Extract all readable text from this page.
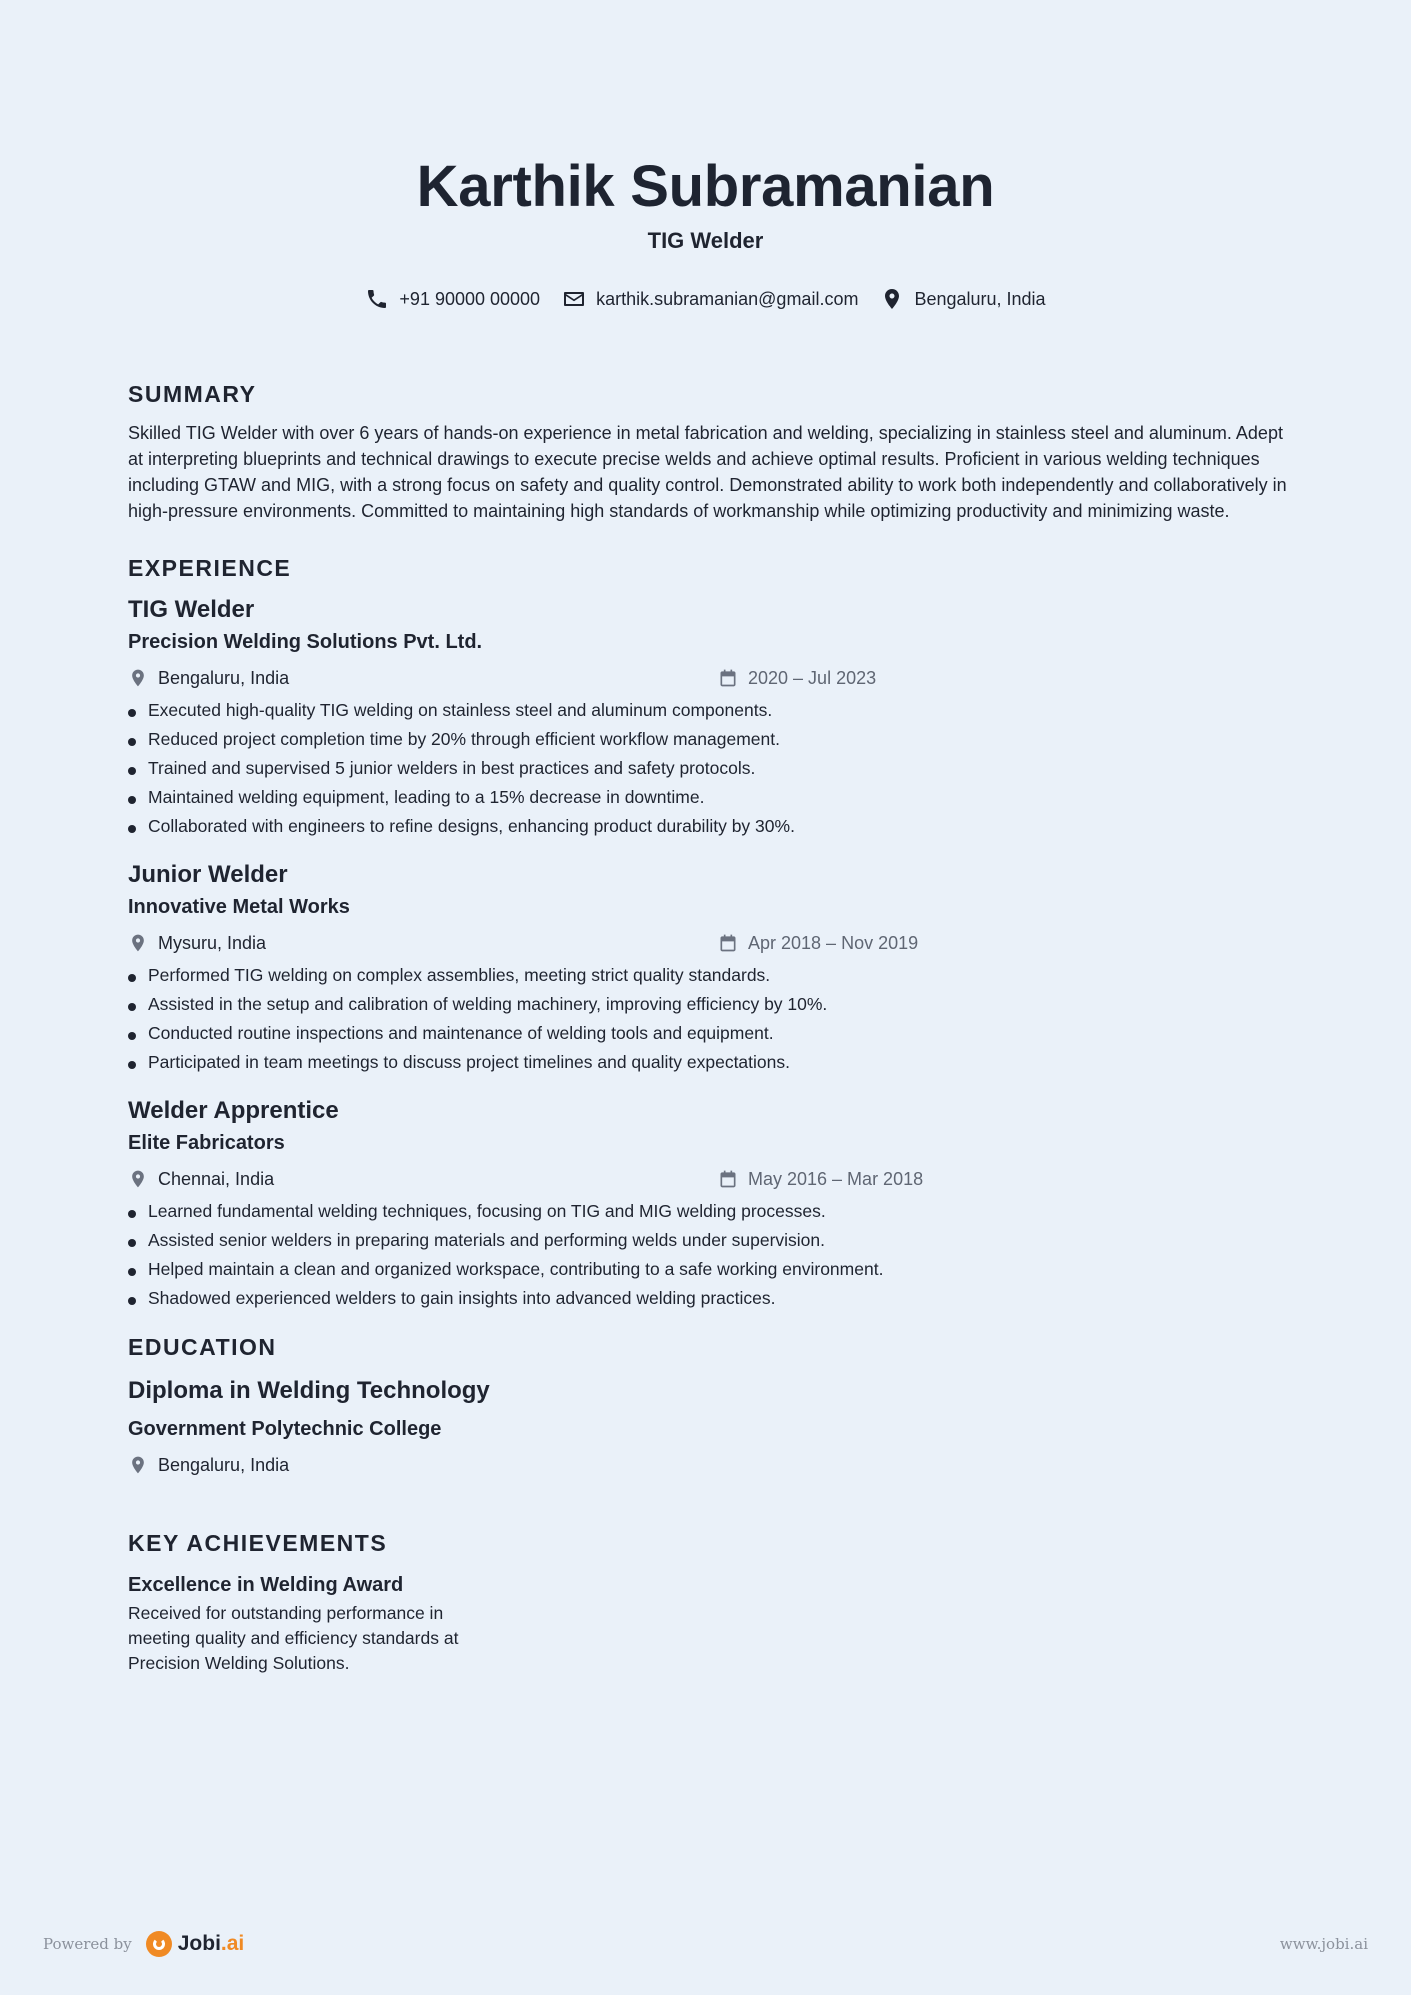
Karthik Subramanian
TIG Welder
+91 90000 00000	karthik.subramanian@gmail.com	Bengaluru, India
SUMMARY

Skilled TIG Welder with over 6 years of hands-on experience in metal fabrication and welding, specializing in stainless steel and aluminum. Adept at interpreting blueprints and technical drawings to execute precise welds and achieve optimal results. Proficient in various welding techniques including GTAW and MIG, with a strong focus on safety and quality control. Demonstrated ability to work both independently and collaboratively in high-pressure environments. Committed to maintaining high standards of workmanship while optimizing productivity and minimizing waste.

EXPERIENCE
TIG Welder
Precision Welding Solutions Pvt. Ltd.
Bengaluru, India	2020 – Jul 2023
Executed high-quality TIG welding on stainless steel and aluminum components.
Reduced project completion time by 20% through efficient workflow management.
Trained and supervised 5 junior welders in best practices and safety protocols.
Maintained welding equipment, leading to a 15% decrease in downtime.
Collaborated with engineers to refine designs, enhancing product durability by 30%.
Junior Welder
Innovative Metal Works
Mysuru, India	Apr 2018 – Nov 2019
Performed TIG welding on complex assemblies, meeting strict quality standards.
Assisted in the setup and calibration of welding machinery, improving efficiency by 10%.
Conducted routine inspections and maintenance of welding tools and equipment.
Participated in team meetings to discuss project timelines and quality expectations.
Welder Apprentice
Elite Fabricators
Chennai, India	May 2016 – Mar 2018
Learned fundamental welding techniques, focusing on TIG and MIG welding processes.
Assisted senior welders in preparing materials and performing welds under supervision.
Helped maintain a clean and organized workspace, contributing to a safe working environment.
Shadowed experienced welders to gain insights into advanced welding practices.
EDUCATION
Diploma in Welding Technology
Government Polytechnic College
Bengaluru, India
KEY ACHIEVEMENTS
Excellence in Welding Award
Received for outstanding performance in meeting quality and efficiency standards at Precision Welding Solutions.
Powered by Jobi .ai	www.jobi.ai
